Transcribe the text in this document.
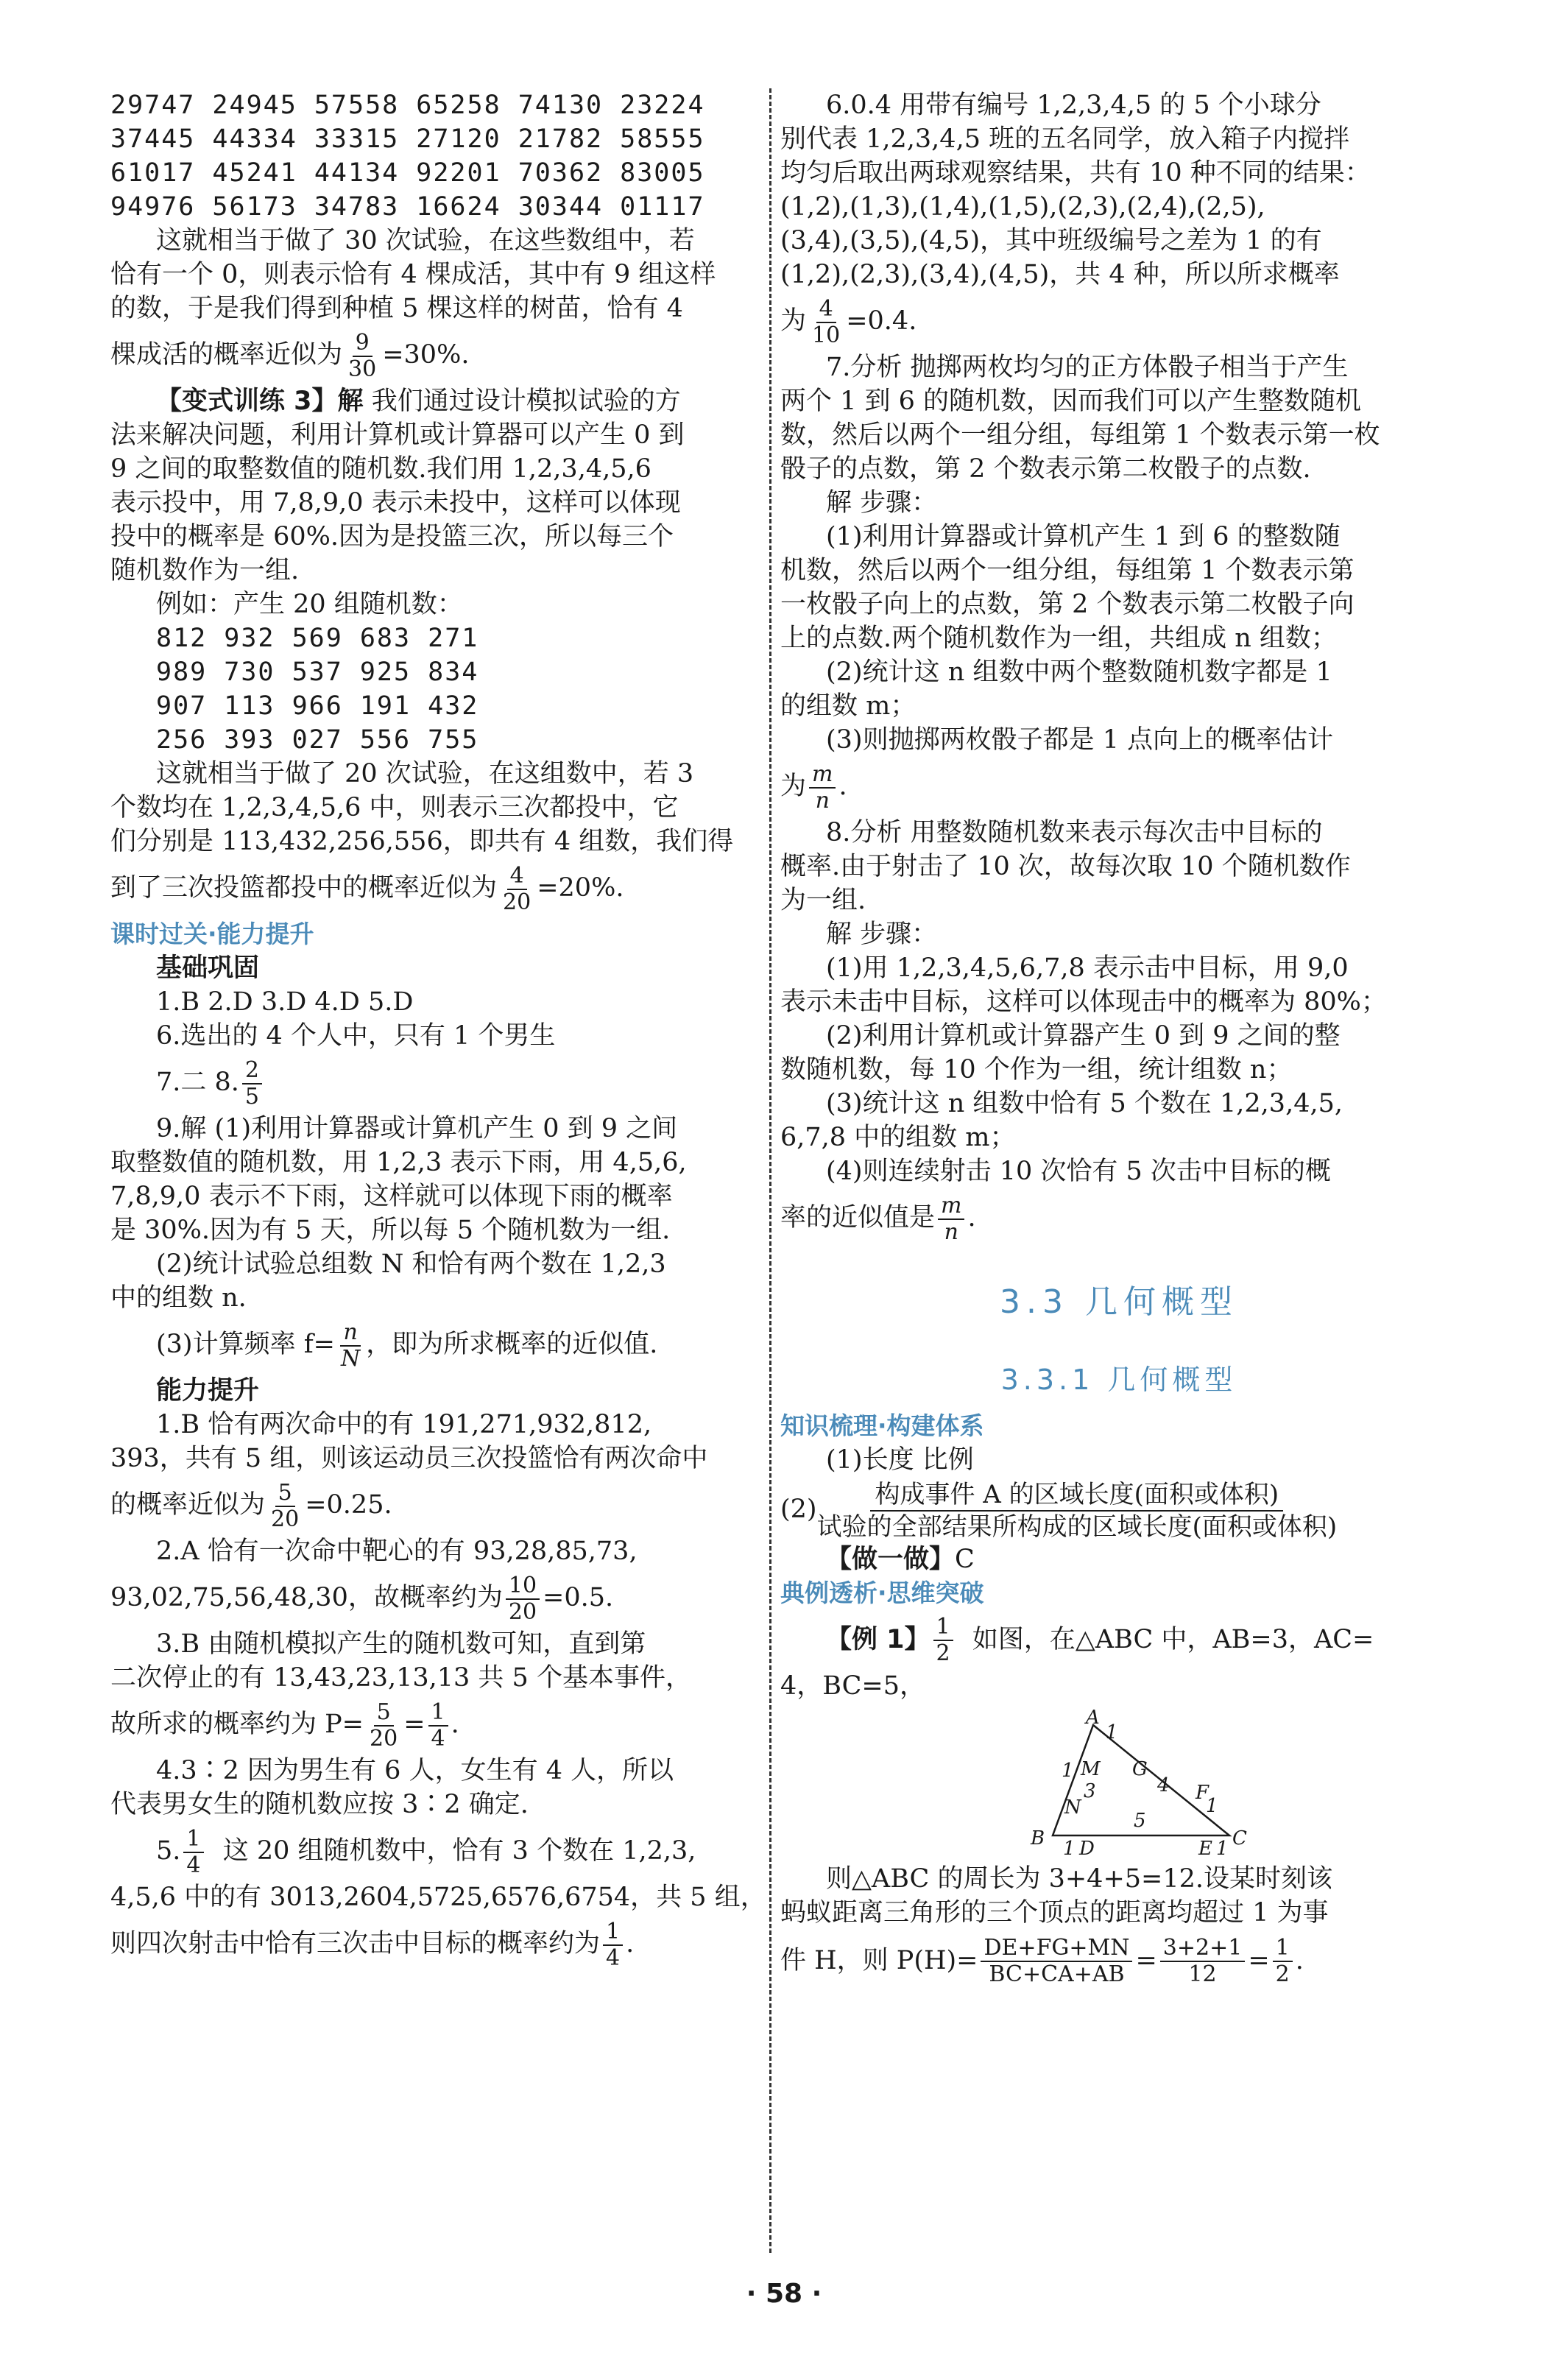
29747 24945 57558 65258 74130 23224
37445 44334 33315 27120 21782 58555
61017 45241 44134 92201 70362 83005
94976 56173 34783 16624 30344 01117
这就相当于做了 30 次试验，在这些数组中，若
恰有一个 0，则表示恰有 4 棵成活，其中有 9 组这样
的数，于是我们得到种植 5 棵这样的树苗，恰有 4
棵成活的概率近似为 $\frac{9}{30} =30\%$.
【变式训练 3】解 我们通过设计模拟试验的方
法来解决问题，利用计算机或计算器可以产生 0 到
9 之间的取整数值的随机数.我们用 1,2,3,4,5,6
表示投中，用 7,8,9,0 表示未投中，这样可以体现
投中的概率是 60%.因为是投篮三次，所以每三个
随机数作为一组.
例如：产生 20 组随机数：
812 932 569 683 271
989 730 537 925 834
907 113 966 191 432
256 393 027 556 755
这就相当于做了 20 次试验，在这组数中，若 3
个数均在 1,2,3,4,5,6 中，则表示三次都投中，它
们分别是 113,432,256,556，即共有 4 组数，我们得
到了三次投篮都投中的概率近似为 $\frac{4}{20} =20\%$.
课时过关·能力提升
基础巩固
1.B 2.D 3.D 4.D 5.D
6.选出的 4 个人中，只有 1 个男生
7.二 8. $\frac{2}{5}$
9.解 (1)利用计算器或计算机产生 0 到 9 之间
取整数值的随机数，用 1,2,3 表示下雨，用 4,5,6,
7,8,9,0 表示不下雨，这样就可以体现下雨的概率
是 30%.因为有 5 天，所以每 5 个随机数为一组.
(2)统计试验总组数 N 和恰有两个数在 1,2,3
中的组数 n.
(3)计算频率 $f= \frac{n}{N}$ ，即为所求概率的近似值.
能力提升
1.B 恰有两次命中的有 191,271,932,812,
393，共有 5 组，则该运动员三次投篮恰有两次命中
的概率近似为 $\frac{5}{20} =0.25$.
2.A 恰有一次命中靶心的有 93,28,85,73,
93,02,75,56,48,30，故概率约为 $\frac{10}{20} =0.5$.
3.B 由随机模拟产生的随机数可知，直到第
二次停止的有 13,43,23,13,13 共 5 个基本事件，
故所求的概率约为 $P= \frac{5}{20} = \frac{1}{4}$ .
4.3∶2 因为男生有 6 人，女生有 4 人，所以
代表男女生的随机数应按 3∶2 确定.
5. $\frac{1}{4}$ 这 20 组随机数中，恰有 3 个数在 1,2,3,
4,5,6 中的有 3013,2604,5725,6576,6754，共 5 组，
则四次射击中恰有三次击中目标的概率约为 $\frac{1}{4}$ .
6.0.4 用带有编号 1,2,3,4,5 的 5 个小球分
别代表 1,2,3,4,5 班的五名同学，放入箱子内搅拌
均匀后取出两球观察结果，共有 10 种不同的结果：
(1,2),(1,3),(1,4),(1,5),(2,3),(2,4),(2,5),
(3,4),(3,5),(4,5)，其中班级编号之差为 1 的有
(1,2),(2,3),(3,4),(4,5)，共 4 种，所以所求概率
为 $\frac{4}{10} =0.4$.
7.分析 抛掷两枚均匀的正方体骰子相当于产生
两个 1 到 6 的随机数，因而我们可以产生整数随机
数，然后以两个一组分组，每组第 1 个数表示第一枚
骰子的点数，第 2 个数表示第二枚骰子的点数.
解 步骤：
(1)利用计算器或计算机产生 1 到 6 的整数随
机数，然后以两个一组分组，每组第 1 个数表示第
一枚骰子向上的点数，第 2 个数表示第二枚骰子向
上的点数.两个随机数作为一组，共组成 n 组数；
(2)统计这 n 组数中两个整数随机数字都是 1
的组数 m；
(3)则抛掷两枚骰子都是 1 点向上的概率估计
为 $\frac{m}{n}$ .
8.分析 用整数随机数来表示每次击中目标的
概率.由于射击了 10 次，故每次取 10 个随机数作
为一组.
解 步骤：
(1)用 1,2,3,4,5,6,7,8 表示击中目标，用 9,0
表示未击中目标，这样可以体现击中的概率为 80%；
(2)利用计算机或计算器产生 0 到 9 之间的整
数随机数，每 10 个作为一组，统计组数 n；
(3)统计这 n 组数中恰有 5 个数在 1,2,3,4,5,
6,7,8 中的组数 m；
(4)则连续射击 10 次恰有 5 次击中目标的概
率的近似值是 $\frac{m}{n}$ .
3.3 几何概型
3.3.1 几何概型
知识梳理·构建体系
(1)长度 比例
(2)
构成事件 A 的区域长度(面积或体积)
试验的全部结果所构成的区域长度(面积或体积)
【做一做】C
典例透析·思维突破
【例 1】 $\frac{1}{2}$ 如图，在△ABC 中，AB=3，AC=
4，BC=5，
A
1
1 M G
4 F
3
1
N
5
B	C
1 D	E 1
则△ABC 的周长为 3+4+5=12.设某时刻该
蚂蚁距离三角形的三个顶点的距离均超过 1 为事
件 H，则 $P(H)= \frac{DE+FG+MN}{BC+CA+AB} = \frac{3+2+1}{12} = \frac{1}{2}$ .
· 58 ·
